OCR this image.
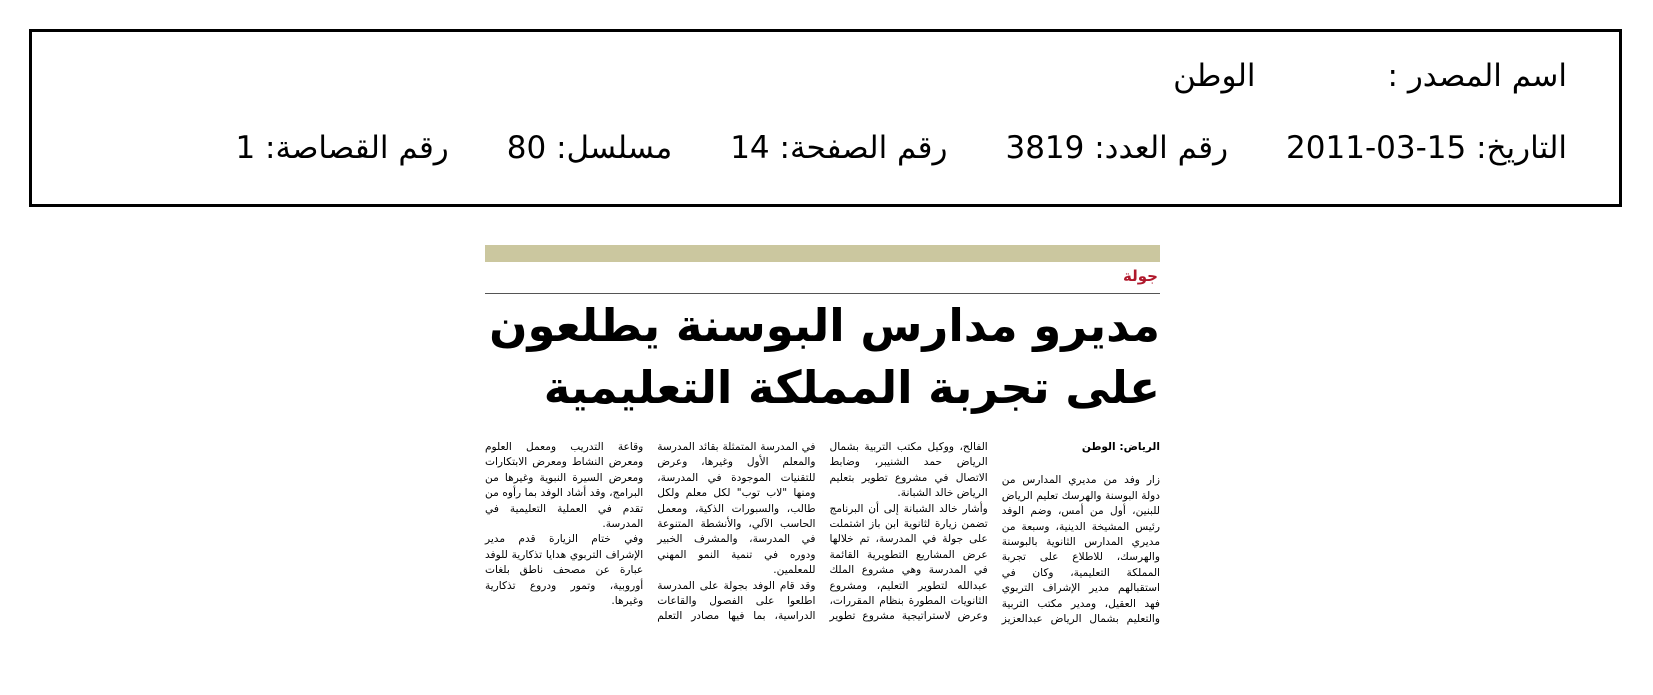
اسم المصدر :الوطن
التاريخ: 15-03-2011رقم العدد: 3819رقم الصفحة: 14مسلسل: 80رقم القصاصة: 1
جولة
مديرو مدارس البوسنة يطلعون
على تجربة المملكة التعليمية

الرياض: الوطن

زار وفد من مديري المدارس من دولة البوسنة والهرسك تعليم الرياض للبنين، أول من أمس، وضم الوفد رئيس المشيخة الدينية، وسبعة من مديري المدارس الثانوية بالبوسنة والهرسك، للاطلاع على تجربة المملكة التعليمية، وكان في استقبالهم مدير الإشراف التربوي فهد العقيل، ومدير مكتب التربية والتعليم بشمال الرياض عبدالعزيز الفالح، ووكيل مكتب التربية بشمال الرياض حمد الشنيبر، وضابط الاتصال في مشروع تطوير بتعليم الرياض خالد الشبانة.

وأشار خالد الشبانة إلى أن البرنامج تضمن زيارة لثانوية ابن باز اشتملت على جولة في المدرسة، تم خلالها عرض المشاريع التطويرية القائمة في المدرسة وهي مشروع الملك عبدالله لتطوير التعليم، ومشروع الثانويات المطورة بنظام المقررات، وعرض لاستراتيجية مشروع تطوير في المدرسة المتمثلة بقائد المدرسة والمعلم الأول وغيرها، وعرض للتقنيات الموجودة في المدرسة، ومنها "لاب توب" لكل معلم ولكل طالب، والسبورات الذكية، ومعمل الحاسب الآلي، والأنشطة المتنوعة في المدرسة، والمشرف الخبير ودوره في تنمية النمو المهني للمعلمين.

وقد قام الوفد بجولة على المدرسة اطلعوا على الفصول والقاعات الدراسية، بما فيها مصادر التعلم وقاعة التدريب ومعمل العلوم ومعرض النشاط ومعرض الابتكارات ومعرض السيرة النبوية وغيرها من البرامج، وقد أشاد الوفد بما رأوه من تقدم في العملية التعليمية في المدرسة.

وفي ختام الزيارة قدم مدير الإشراف التربوي هدايا تذكارية للوفد عبارة عن مصحف ناطق بلغات أوروبية، وتمور ودروع تذكارية وغيرها.
